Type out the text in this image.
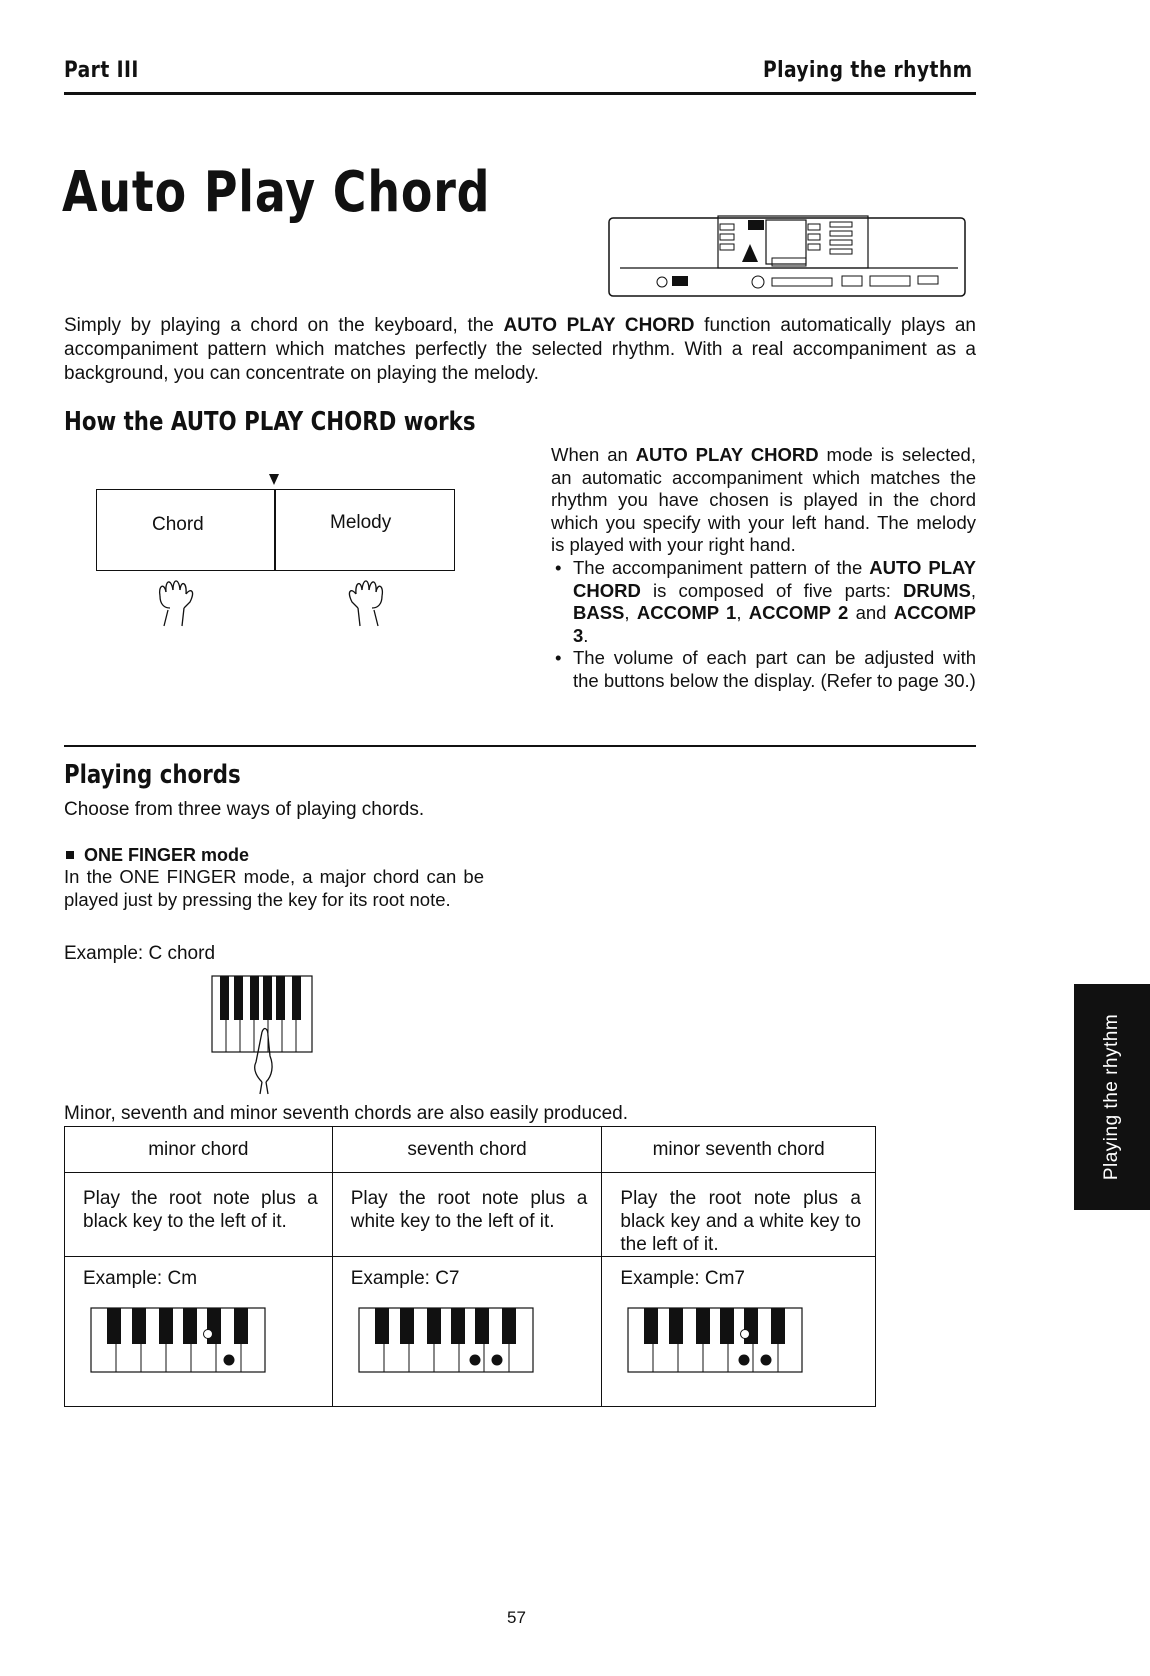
Part III	Playing the rhythm
Auto Play Chord
Simply by playing a chord on the keyboard, the AUTO PLAY CHORD function automatically plays an accompaniment pattern which matches perfectly the selected rhythm. With a real accompaniment as a background, you can concentrate on playing the melody.
How the AUTO PLAY CHORD works
Chord	Melody
When an AUTO PLAY CHORD mode is selected, an automatic accompaniment which matches the rhythm you have chosen is played in the chord which you specify with your left hand. The melody is played with your right hand.
• The accompaniment pattern of the AUTO PLAY CHORD is composed of five parts: DRUMS, BASS, ACCOMP 1, ACCOMP 2 and ACCOMP 3.
• The volume of each part can be adjusted with the buttons below the display. (Refer to page 30.)
Playing chords
Choose from three ways of playing chords.
ONE FINGER mode
In the ONE FINGER mode, a major chord can be played just by pressing the key for its root note.
Example: C chord
Minor, seventh and minor seventh chords are also easily produced.
minor chord	seventh chord	minor seventh chord

Play the root note plus a black key to the left of it.	Play the root note plus a white key to the left of it.	Play the root note plus a black key and a white key to the left of it.

Example: Cm	Example: C7	Example: Cm7
Playing the rhythm
57
